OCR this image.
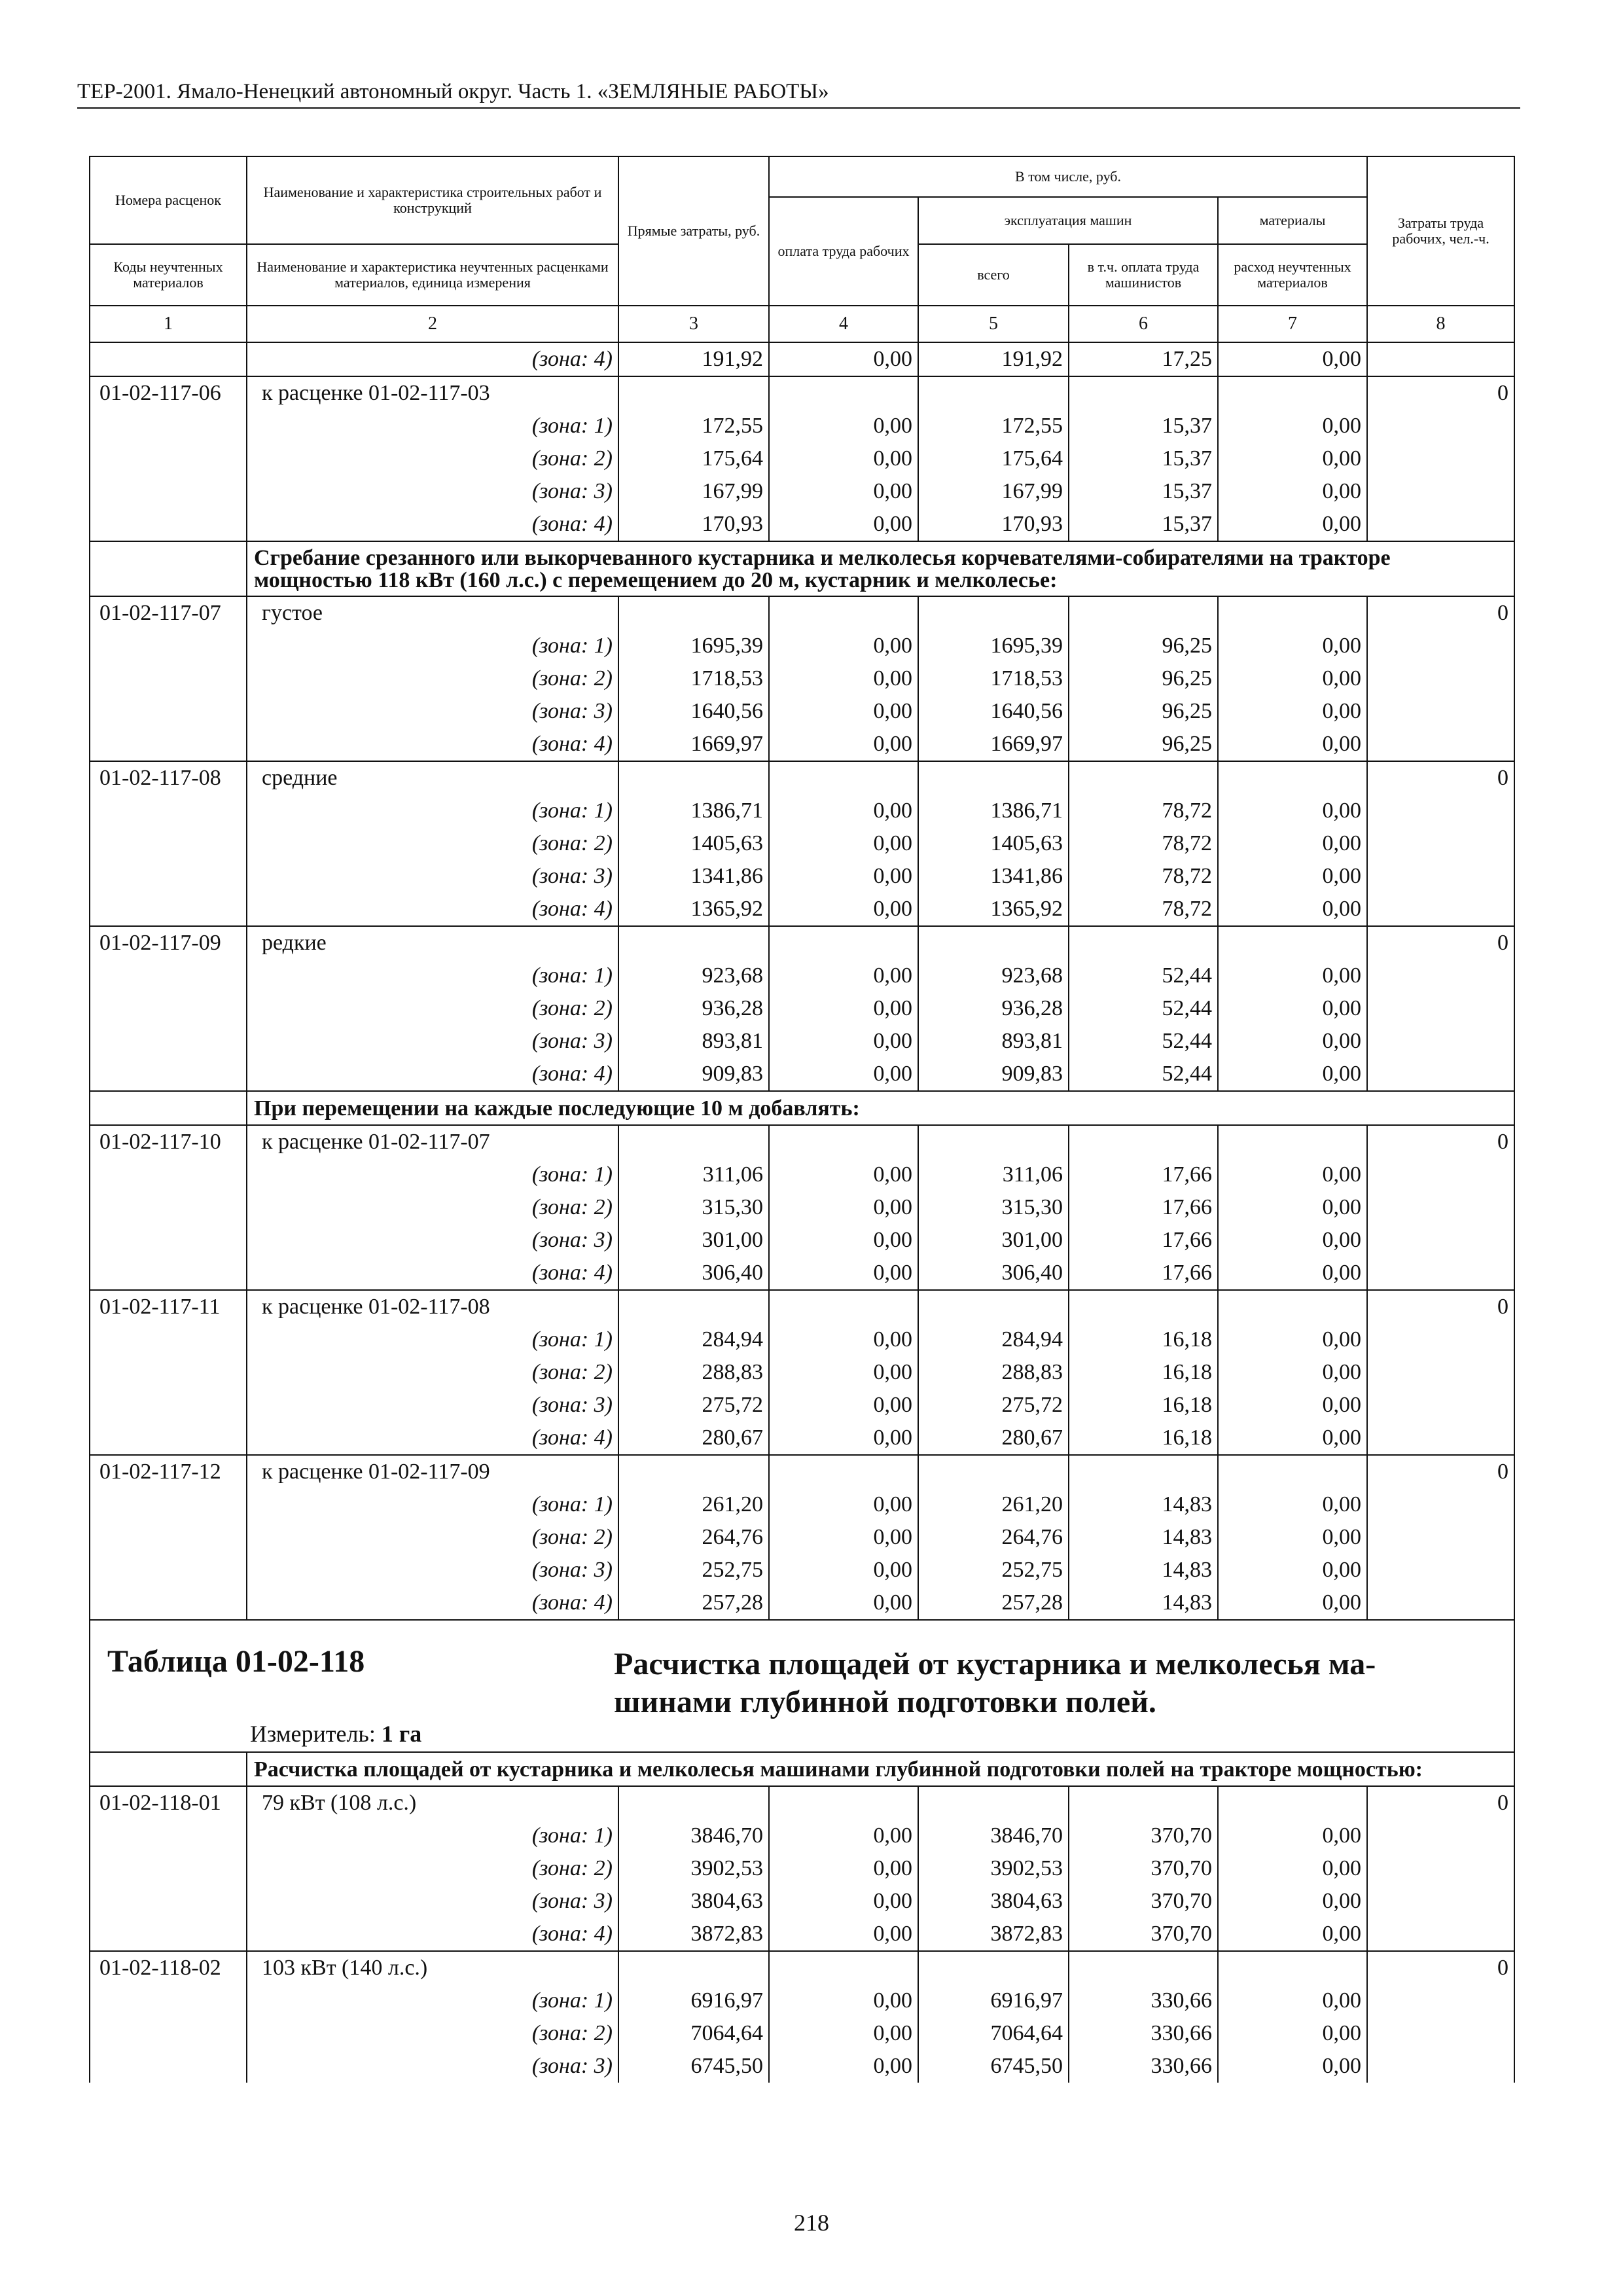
ТЕР-2001. Ямало-Ненецкий автономный округ. Часть 1. «ЗЕМЛЯНЫЕ РАБОТЫ»
Номера расценок	Наименование и характеристика строительных работ и конструкций	Прямые затраты, руб.	В том числе, руб.				Затраты труда рабочих, чел.-ч.
			оплата труда рабочих	эксплуатация машин		материалы	
Коды неучтенных материалов	Наименование и характеристика неучтенных расценками материалов, единица измерения			всего	в т.ч. оплата труда машинистов	расход неучтенных материалов	
1	2	3	4	5	6	7	8
	(зона: 4)	191,92	0,00	191,92	17,25	0,00	
01-02-117-06	к расценке 01-02-117-03						0
	(зона: 1)	172,55	0,00	172,55	15,37	0,00	
	(зона: 2)	175,64	0,00	175,64	15,37	0,00	
	(зона: 3)	167,99	0,00	167,99	15,37	0,00	
	(зона: 4)	170,93	0,00	170,93	15,37	0,00	
	Сгребание срезанного или выкорчеванного кустарника и мелколесья корчевателями-собирателями на тракторе мощностью 118 кВт (160 л.с.) с перемещением до 20 м, кустарник и мелколесье:						
01-02-117-07	густое						0
	(зона: 1)	1695,39	0,00	1695,39	96,25	0,00	
	(зона: 2)	1718,53	0,00	1718,53	96,25	0,00	
	(зона: 3)	1640,56	0,00	1640,56	96,25	0,00	
	(зона: 4)	1669,97	0,00	1669,97	96,25	0,00	
01-02-117-08	средние						0
	(зона: 1)	1386,71	0,00	1386,71	78,72	0,00	
	(зона: 2)	1405,63	0,00	1405,63	78,72	0,00	
	(зона: 3)	1341,86	0,00	1341,86	78,72	0,00	
	(зона: 4)	1365,92	0,00	1365,92	78,72	0,00	
01-02-117-09	редкие						0
	(зона: 1)	923,68	0,00	923,68	52,44	0,00	
	(зона: 2)	936,28	0,00	936,28	52,44	0,00	
	(зона: 3)	893,81	0,00	893,81	52,44	0,00	
	(зона: 4)	909,83	0,00	909,83	52,44	0,00	
	При перемещении на каждые последующие 10 м добавлять:						
01-02-117-10	к расценке 01-02-117-07						0
	(зона: 1)	311,06	0,00	311,06	17,66	0,00	
	(зона: 2)	315,30	0,00	315,30	17,66	0,00	
	(зона: 3)	301,00	0,00	301,00	17,66	0,00	
	(зона: 4)	306,40	0,00	306,40	17,66	0,00	
01-02-117-11	к расценке 01-02-117-08						0
	(зона: 1)	284,94	0,00	284,94	16,18	0,00	
	(зона: 2)	288,83	0,00	288,83	16,18	0,00	
	(зона: 3)	275,72	0,00	275,72	16,18	0,00	
	(зона: 4)	280,67	0,00	280,67	16,18	0,00	
01-02-117-12	к расценке 01-02-117-09						0
	(зона: 1)	261,20	0,00	261,20	14,83	0,00	
	(зона: 2)	264,76	0,00	264,76	14,83	0,00	
	(зона: 3)	252,75	0,00	252,75	14,83	0,00	
	(зона: 4)	257,28	0,00	257,28	14,83	0,00	

Таблица 01-02-118 Расчистка площадей от кустарника и мелколесья ма-шинами глубинной подготовки полей.
Измеритель: 1 га							

	Расчистка площадей от кустарника и мелколесья машинами глубинной подготовки полей на тракторе мощностью:						
01-02-118-01	79 кВт (108 л.с.)						0
	(зона: 1)	3846,70	0,00	3846,70	370,70	0,00	
	(зона: 2)	3902,53	0,00	3902,53	370,70	0,00	
	(зона: 3)	3804,63	0,00	3804,63	370,70	0,00	
	(зона: 4)	3872,83	0,00	3872,83	370,70	0,00	
01-02-118-02	103 кВт (140 л.с.)						0
	(зона: 1)	6916,97	0,00	6916,97	330,66	0,00	
	(зона: 2)	7064,64	0,00	7064,64	330,66	0,00	
	(зона: 3)	6745,50	0,00	6745,50	330,66	0,00	
218
